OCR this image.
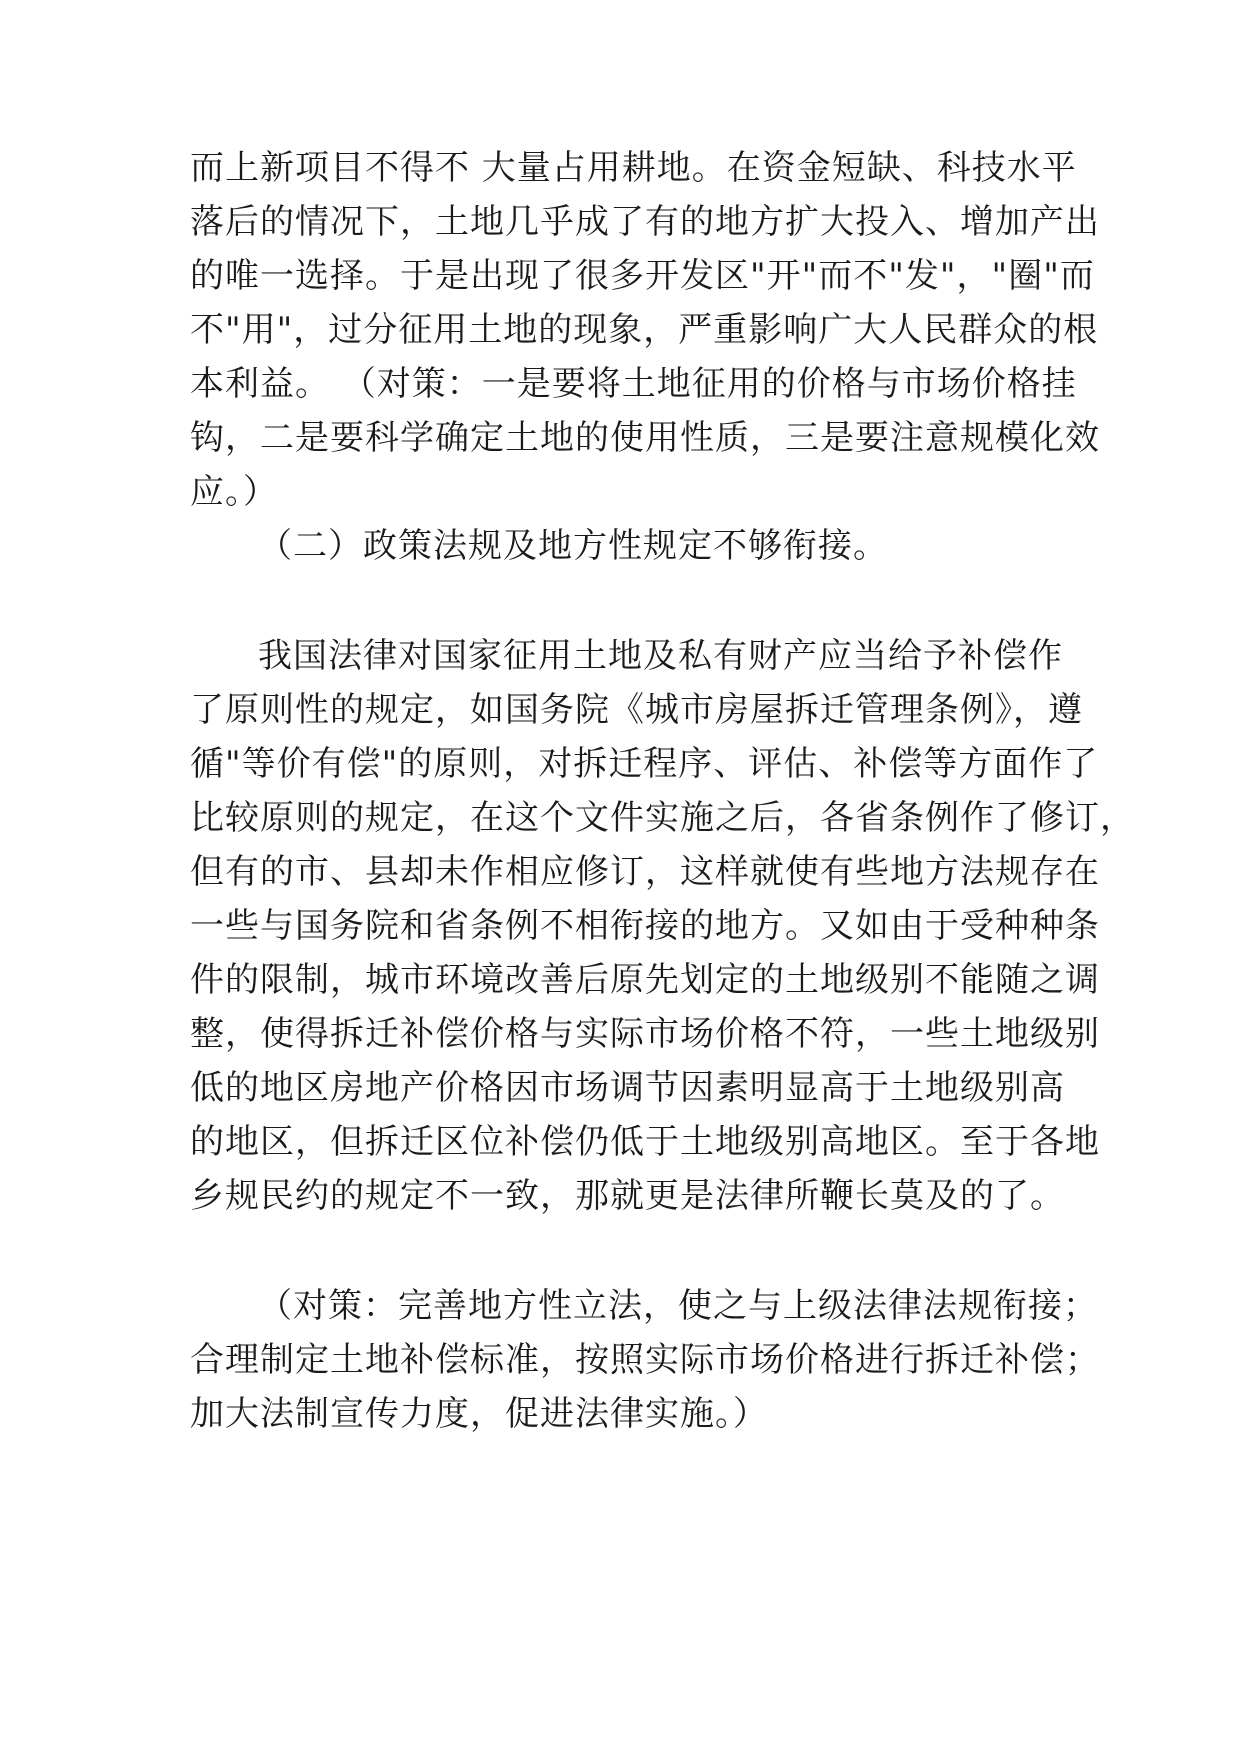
而上新项目不得不 大量占用耕地。在资金短缺、科技水平
落后的情况下，土地几乎成了有的地方扩大投入、增加产出
的唯一选择。于是出现了很多开发区"开"而不"发"，"圈"而
不"用"，过分征用土地的现象，严重影响广大人民群众的根
本利益。 （对策：一是要将土地征用的价格与市场价格挂
钩，二是要科学确定土地的使用性质，三是要注意规模化效
应。）
（二）政策法规及地方性规定不够衔接。
我国法律对国家征用土地及私有财产应当给予补偿作
了原则性的规定，如国务院《城市房屋拆迁管理条例》，遵
循"等价有偿"的原则，对拆迁程序、评估、补偿等方面作了
比较原则的规定，在这个文件实施之后，各省条例作了修订，
但有的市、县却未作相应修订，这样就使有些地方法规存在
一些与国务院和省条例不相衔接的地方。又如由于受种种条
件的限制，城市环境改善后原先划定的土地级别不能随之调
整，使得拆迁补偿价格与实际市场价格不符，一些土地级别
低的地区房地产价格因市场调节因素明显高于土地级别高
的地区，但拆迁区位补偿仍低于土地级别高地区。至于各地
乡规民约的规定不一致，那就更是法律所鞭长莫及的了。
（对策：完善地方性立法，使之与上级法律法规衔接；
合理制定土地补偿标准，按照实际市场价格进行拆迁补偿；
加大法制宣传力度，促进法律实施。）
